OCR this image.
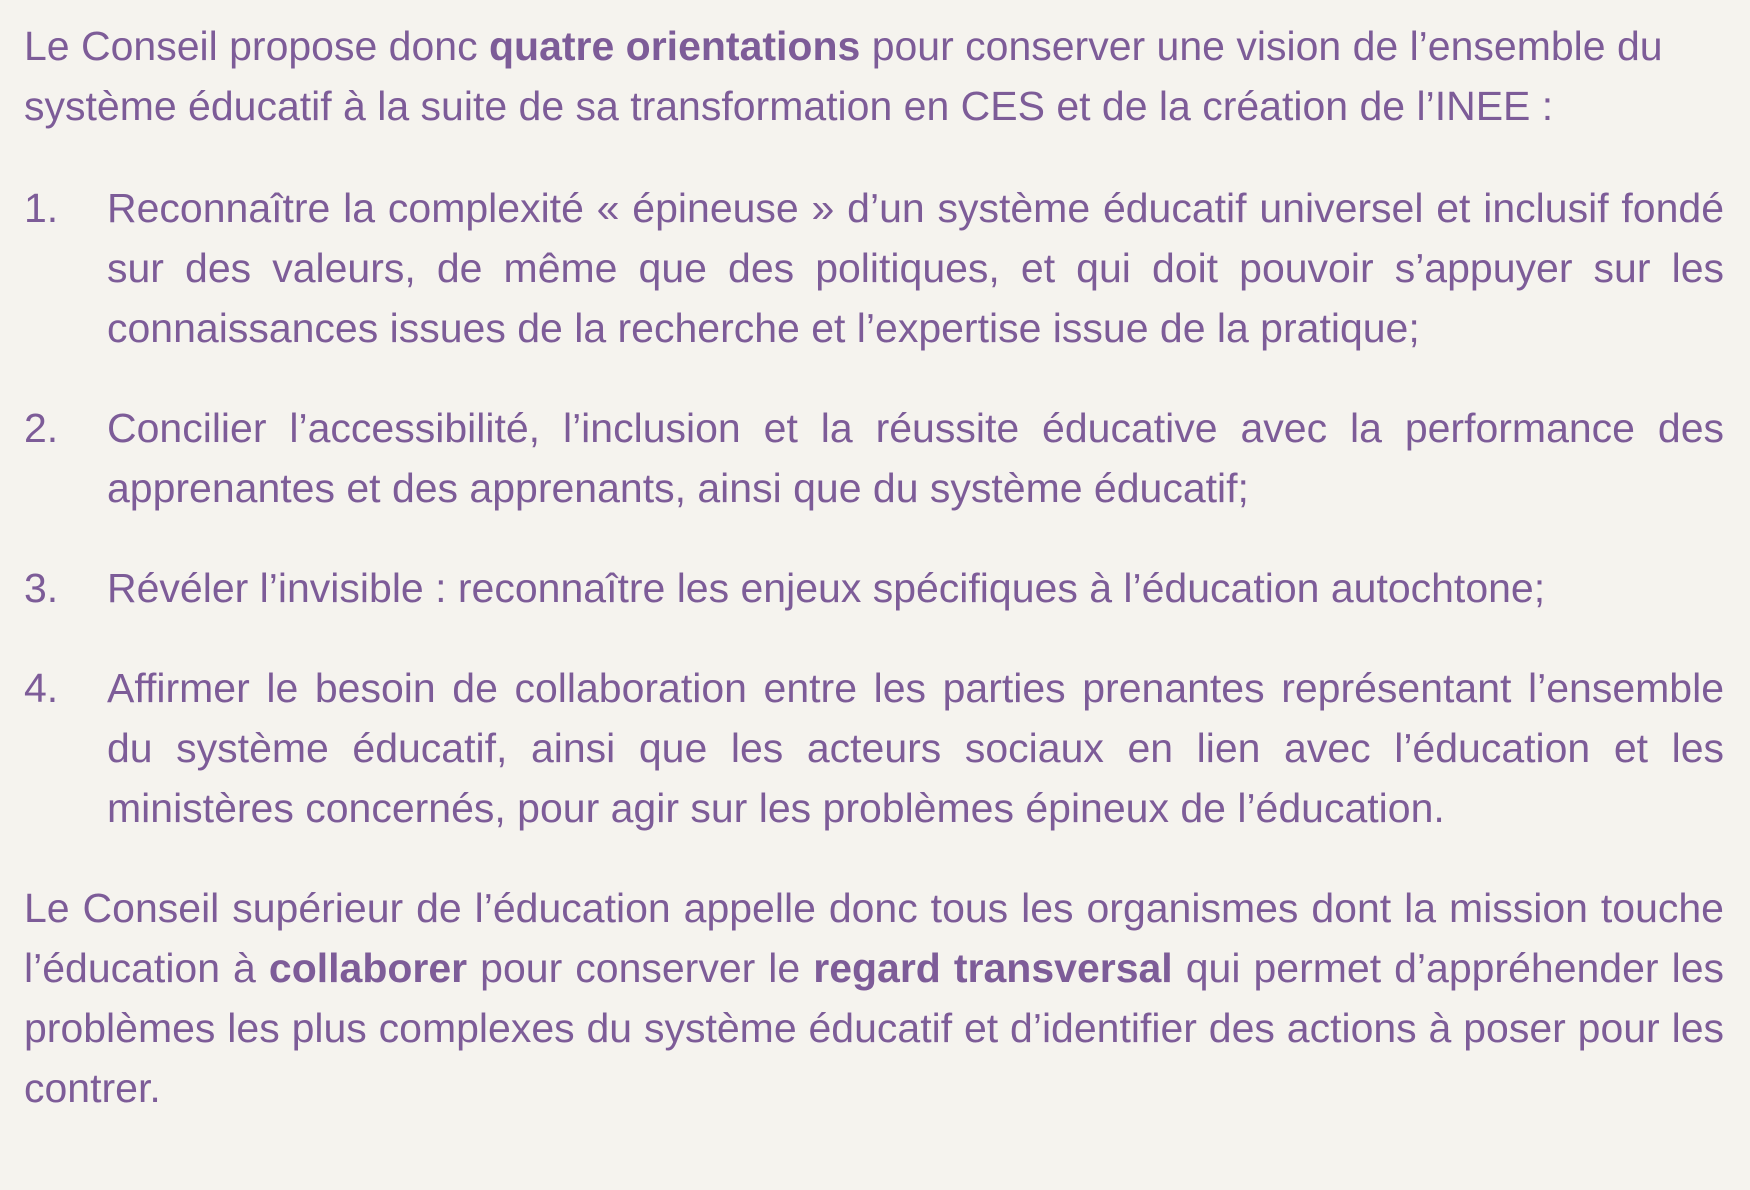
Le Conseil propose donc quatre orientations pour conserver une vision de l’ensemble du système éducatif à la suite de sa transformation en CES et de la création de l’INEE :

1. Reconnaître la complexité « épineuse » d’un système éducatif universel et inclusif fondé sur des valeurs, de même que des politiques, et qui doit pouvoir s’appuyer sur les connaissances issues de la recherche et l’expertise issue de la pratique;
2. Concilier l’accessibilité, l’inclusion et la réussite éducative avec la performance des apprenantes et des apprenants, ainsi que du système éducatif;
3. Révéler l’invisible : reconnaître les enjeux spécifiques à l’éducation autochtone;
4. Affirmer le besoin de collaboration entre les parties prenantes représentant l’ensemble du système éducatif, ainsi que les acteurs sociaux en lien avec l’éducation et les ministères concernés, pour agir sur les problèmes épineux de l’éducation.

Le Conseil supérieur de l’éducation appelle donc tous les organismes dont la mission touche l’éducation à collaborer pour conserver le regard transversal qui permet d’appréhender les problèmes les plus complexes du système éducatif et d’identifier des actions à poser pour les contrer.
